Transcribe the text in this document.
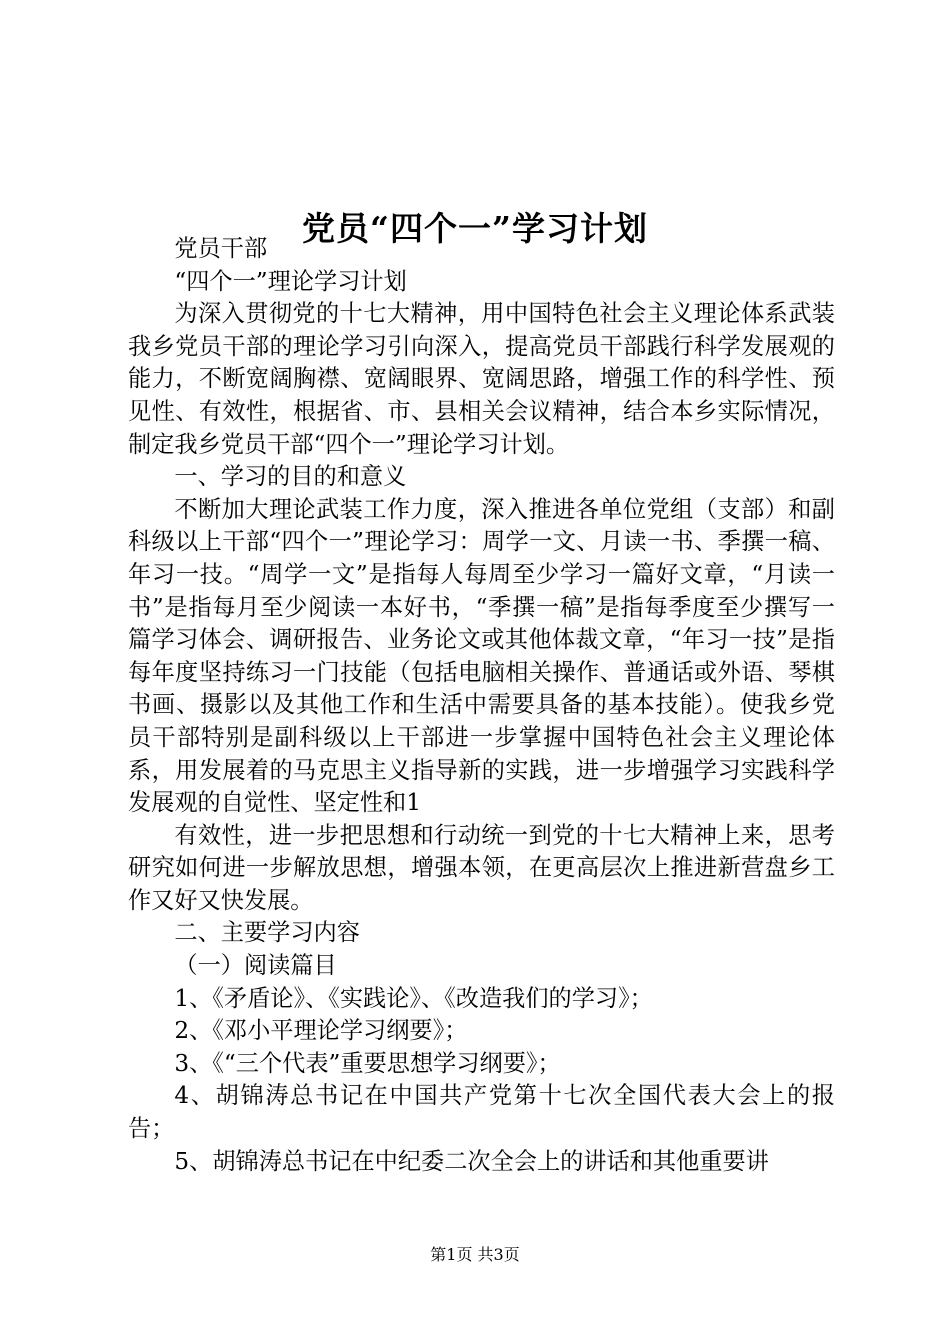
党员“四个一”学习计划

党员干部

“四个一”理论学习计划

为深入贯彻党的十七大精神，用中国特色社会主义理论体系武装我乡党员干部的理论学习引向深入，提高党员干部践行科学发展观的能力，不断宽阔胸襟、宽阔眼界、宽阔思路，增强工作的科学性、预见性、有效性，根据省、市、县相关会议精神，结合本乡实际情况，制定我乡党员干部“四个一”理论学习计划。

一、学习的目的和意义

不断加大理论武装工作力度，深入推进各单位党组（支部）和副科级以上干部“四个一”理论学习：周学一文、月读一书、季撰一稿、年习一技。“周学一文”是指每人每周至少学习一篇好文章，“月读一书”是指每月至少阅读一本好书，“季撰一稿”是指每季度至少撰写一篇学习体会、调研报告、业务论文或其他体裁文章，“年习一技”是指每年度坚持练习一门技能（包括电脑相关操作、普通话或外语、琴棋书画、摄影以及其他工作和生活中需要具备的基本技能）。使我乡党员干部特别是副科级以上干部进一步掌握中国特色社会主义理论体系，用发展着的马克思主义指导新的实践，进一步增强学习实践科学发展观的自觉性、坚定性和1

有效性，进一步把思想和行动统一到党的十七大精神上来，思考研究如何进一步解放思想，增强本领，在更高层次上推进新营盘乡工作又好又快发展。

二、主要学习内容

（一）阅读篇目

1、《矛盾论》、《实践论》、《改造我们的学习》；

2、《邓小平理论学习纲要》；

3、《“三个代表”重要思想学习纲要》；

4、胡锦涛总书记在中国共产党第十七次全国代表大会上的报告；

5、胡锦涛总书记在中纪委二次全会上的讲话和其他重要讲

第1页 共3页
